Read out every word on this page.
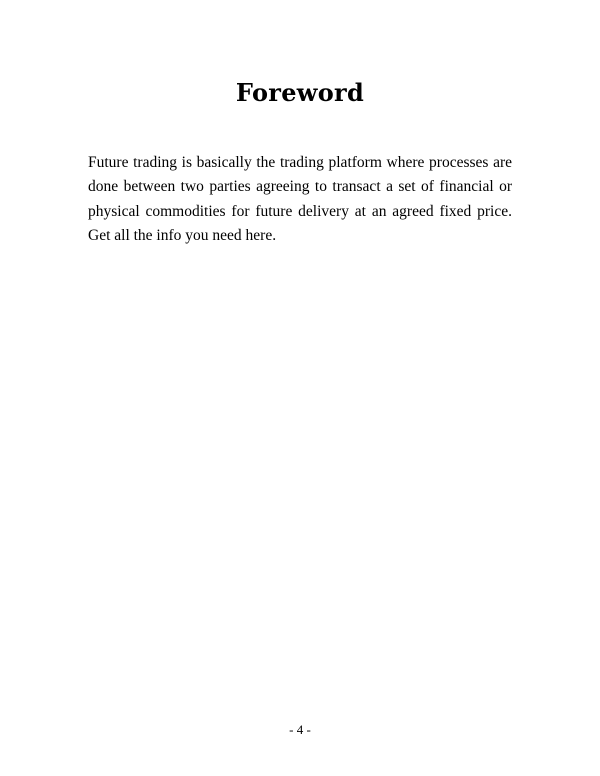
Foreword

Future trading is basically the trading platform where processes are done between two parties agreeing to transact a set of financial or physical commodities for future delivery at an agreed fixed price. Get all the info you need here.

- 4 -
